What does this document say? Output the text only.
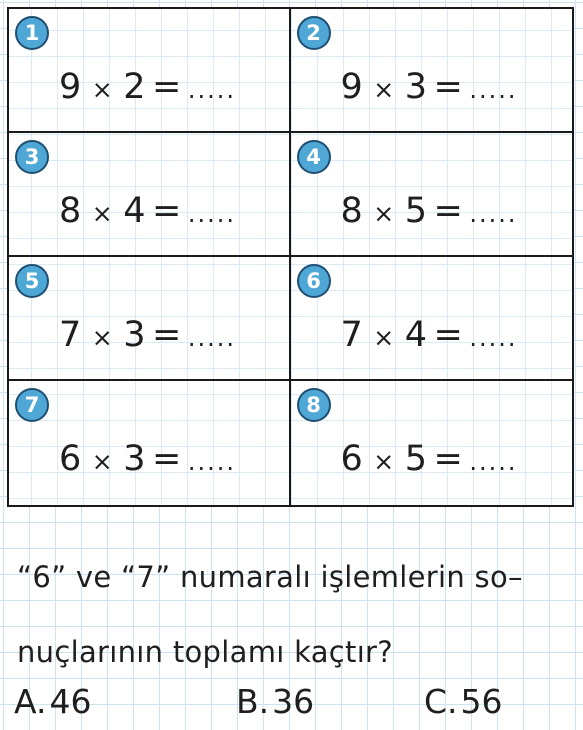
1
9 × 2 = .....
2
9 × 3 = .....
3
8 × 4 = .....
4
8 × 5 = .....
5
7 × 3 = .....
6
7 × 4 = .....
7
6 × 3 = .....
8
6 × 5 = .....
“6” ve “7” numaralı işlemlerin so–
nuçlarının toplamı kaçtır?
A.46	B.36	C.56
